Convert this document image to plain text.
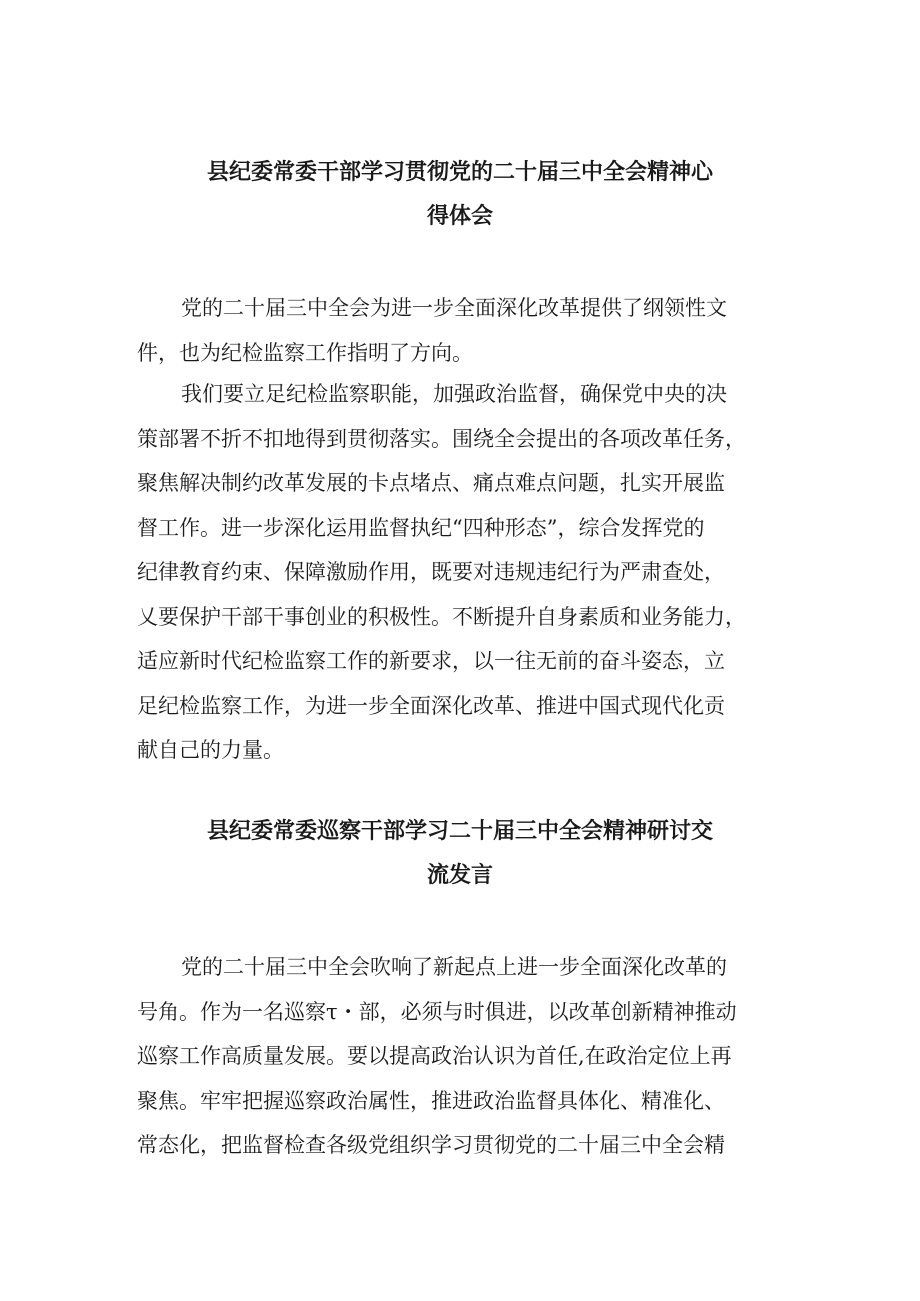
县纪委常委干部学习贯彻党的二十届三中全会精神心
得体会

党的二十届三中全会为进一步全面深化改革提供了纲领性文
件，也为纪检监察工作指明了方向。

我们要立足纪检监察职能，加强政治监督，确保党中央的决
策部署不折不扣地得到贯彻落实。围绕全会提出的各项改革任务，
聚焦解决制约改革发展的卡点堵点、痛点难点问题，扎实开展监
督工作。进一步深化运用监督执纪“四种形态”，综合发挥党的
纪律教育约束、保障激励作用，既要对违规违纪行为严肃查处，
乂要保护干部干事创业的积极性。不断提升自身素质和业务能力，
适应新时代纪检监察工作的新要求，以一往无前的奋斗姿态，立
足纪检监察工作，为进一步全面深化改革、推进中国式现代化贡
献自己的力量。

县纪委常委巡察干部学习二十届三中全会精神研讨交
流发言

党的二十届三中全会吹响了新起点上进一步全面深化改革的
号角。作为一名巡察τ・部，必须与时俱进，以改革创新精神推动
巡察工作高质量发展。要以提高政治认识为首任,在政治定位上再
聚焦。牢牢把握巡察政治属性，推进政治监督具体化、精准化、
常态化，把监督检查各级党组织学习贯彻党的二十届三中全会精
